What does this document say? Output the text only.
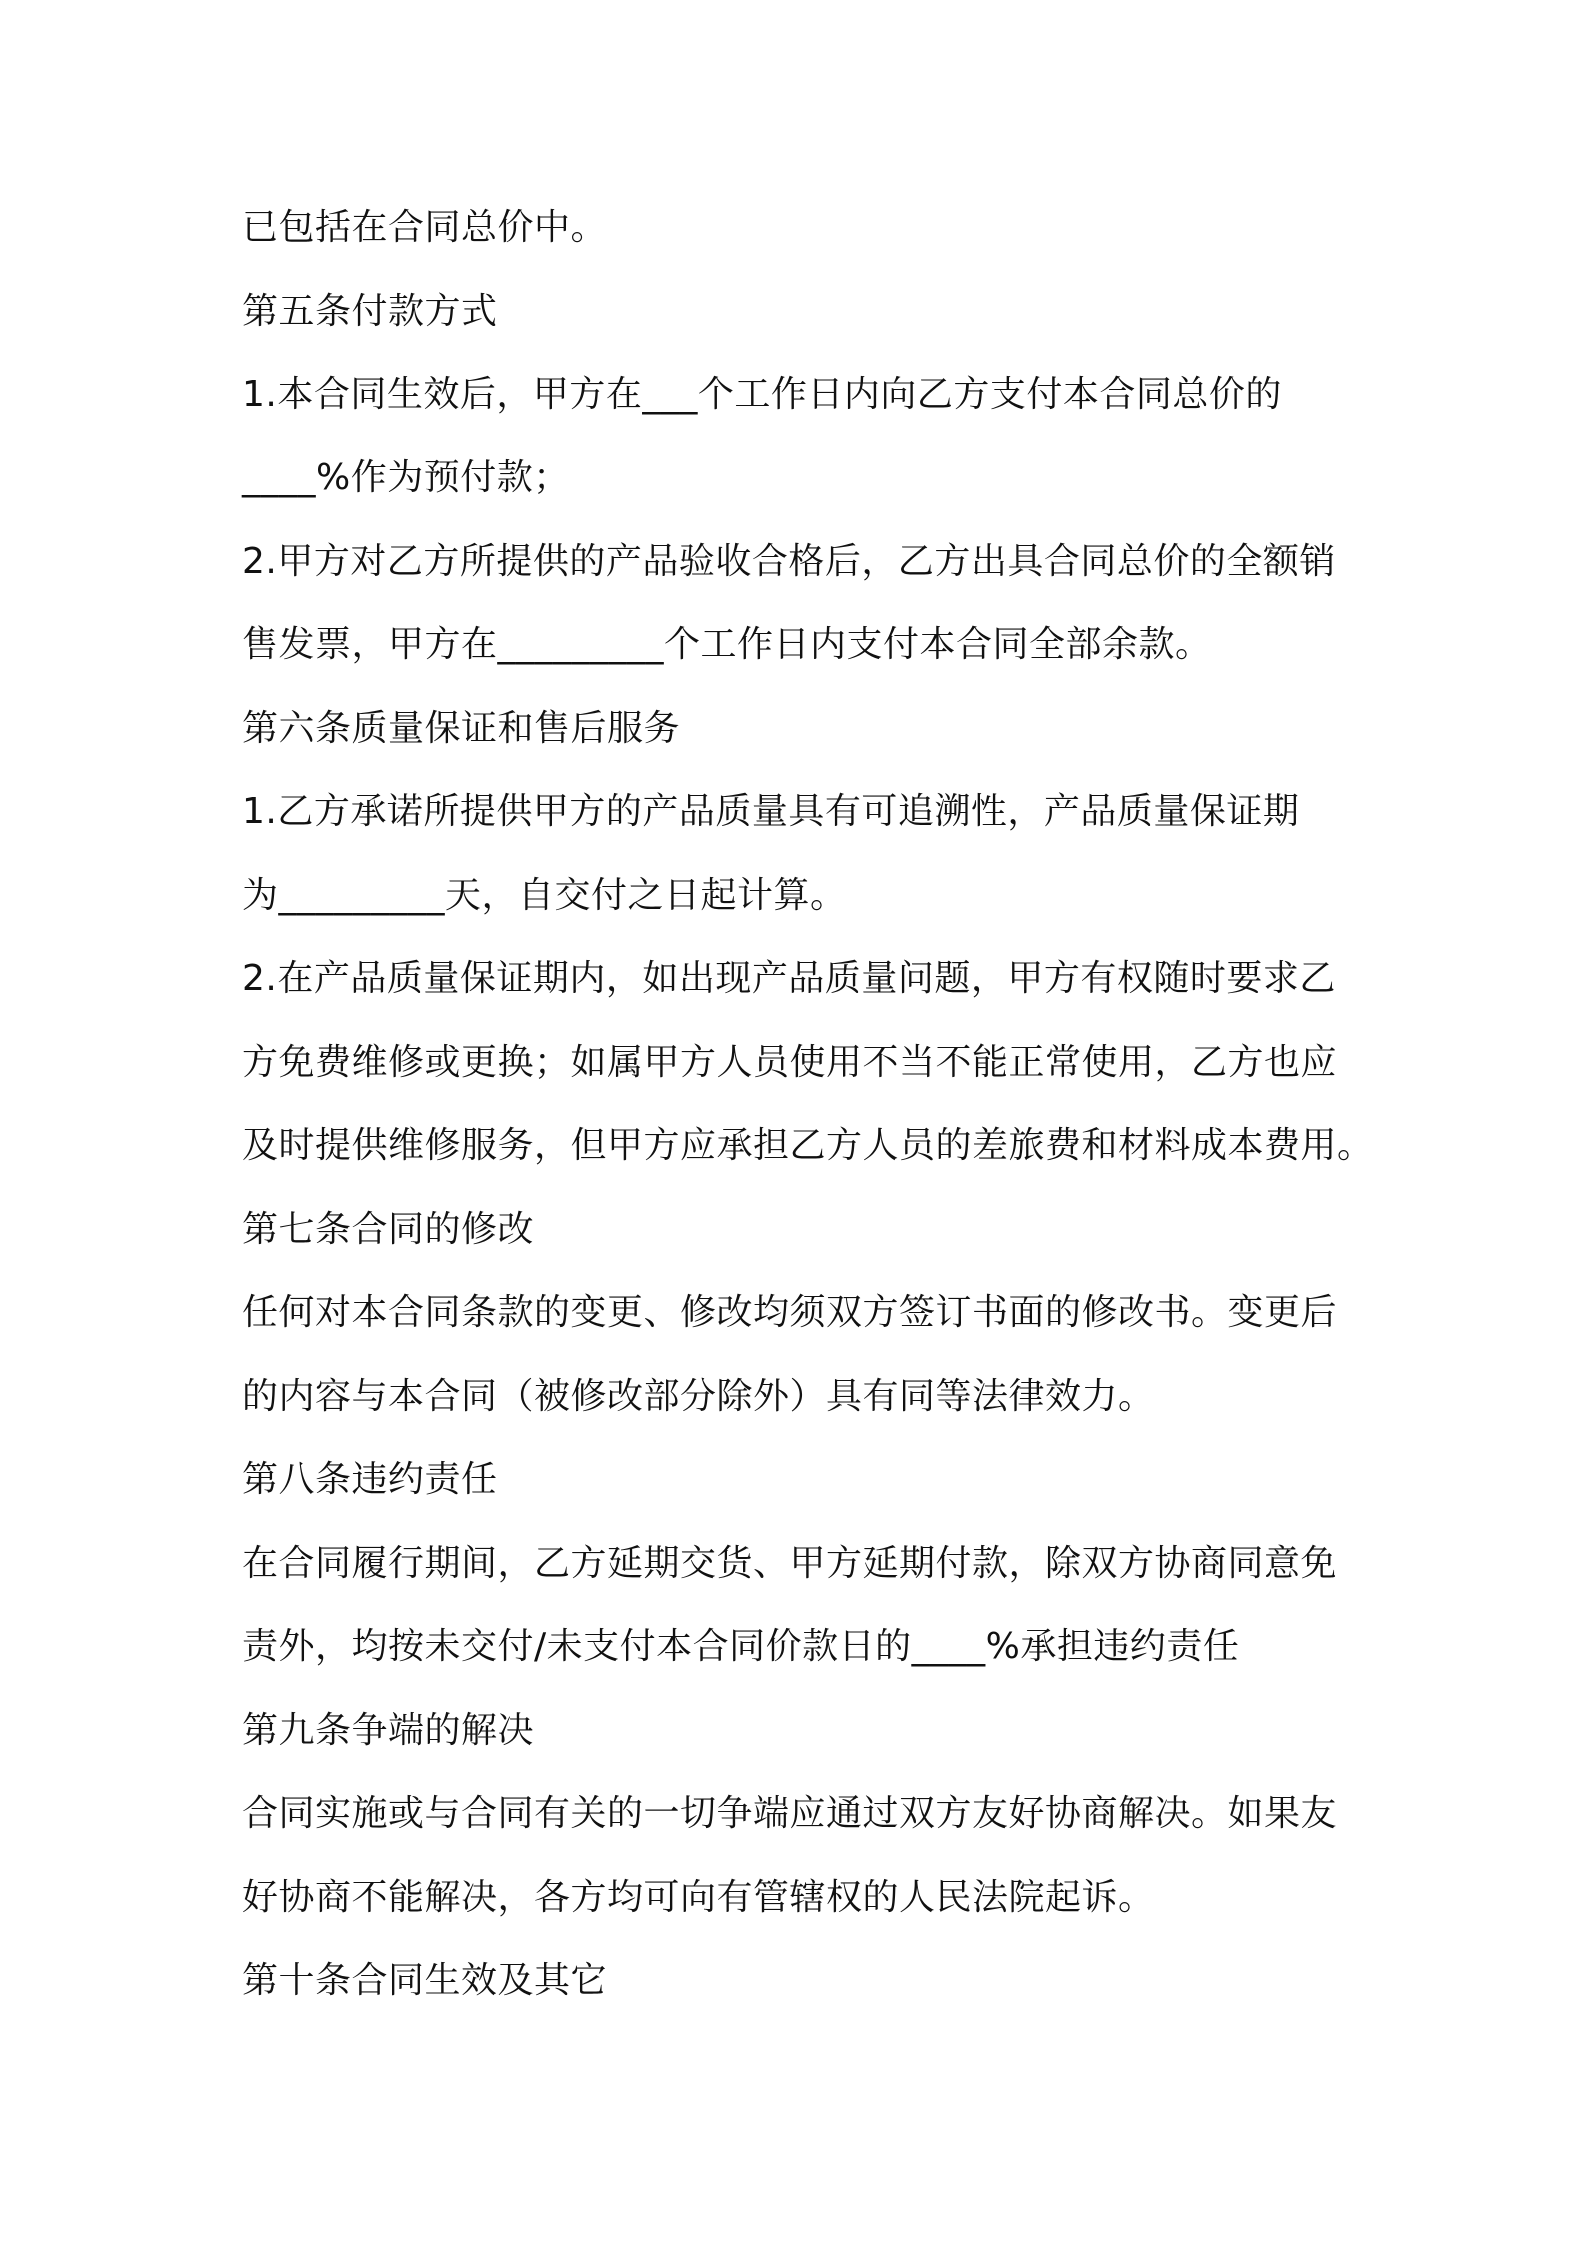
已包括在合同总价中。
第五条付款方式
1.本合同生效后，甲方在___个工作日内向乙方支付本合同总价的
____%作为预付款；
2.甲方对乙方所提供的产品验收合格后，乙方出具合同总价的全额销
售发票，甲方在_________个工作日内支付本合同全部余款。
第六条质量保证和售后服务
1.乙方承诺所提供甲方的产品质量具有可追溯性，产品质量保证期
为_________天，自交付之日起计算。
2.在产品质量保证期内，如出现产品质量问题，甲方有权随时要求乙
方免费维修或更换；如属甲方人员使用不当不能正常使用，乙方也应
及时提供维修服务，但甲方应承担乙方人员的差旅费和材料成本费用。
第七条合同的修改
任何对本合同条款的变更、修改均须双方签订书面的修改书。变更后
的内容与本合同（被修改部分除外）具有同等法律效力。
第八条违约责任
在合同履行期间，乙方延期交货、甲方延期付款，除双方协商同意免
责外，均按未交付/未支付本合同价款日的____%承担违约责任
第九条争端的解决
合同实施或与合同有关的一切争端应通过双方友好协商解决。如果友
好协商不能解决，各方均可向有管辖权的人民法院起诉。
第十条合同生效及其它
